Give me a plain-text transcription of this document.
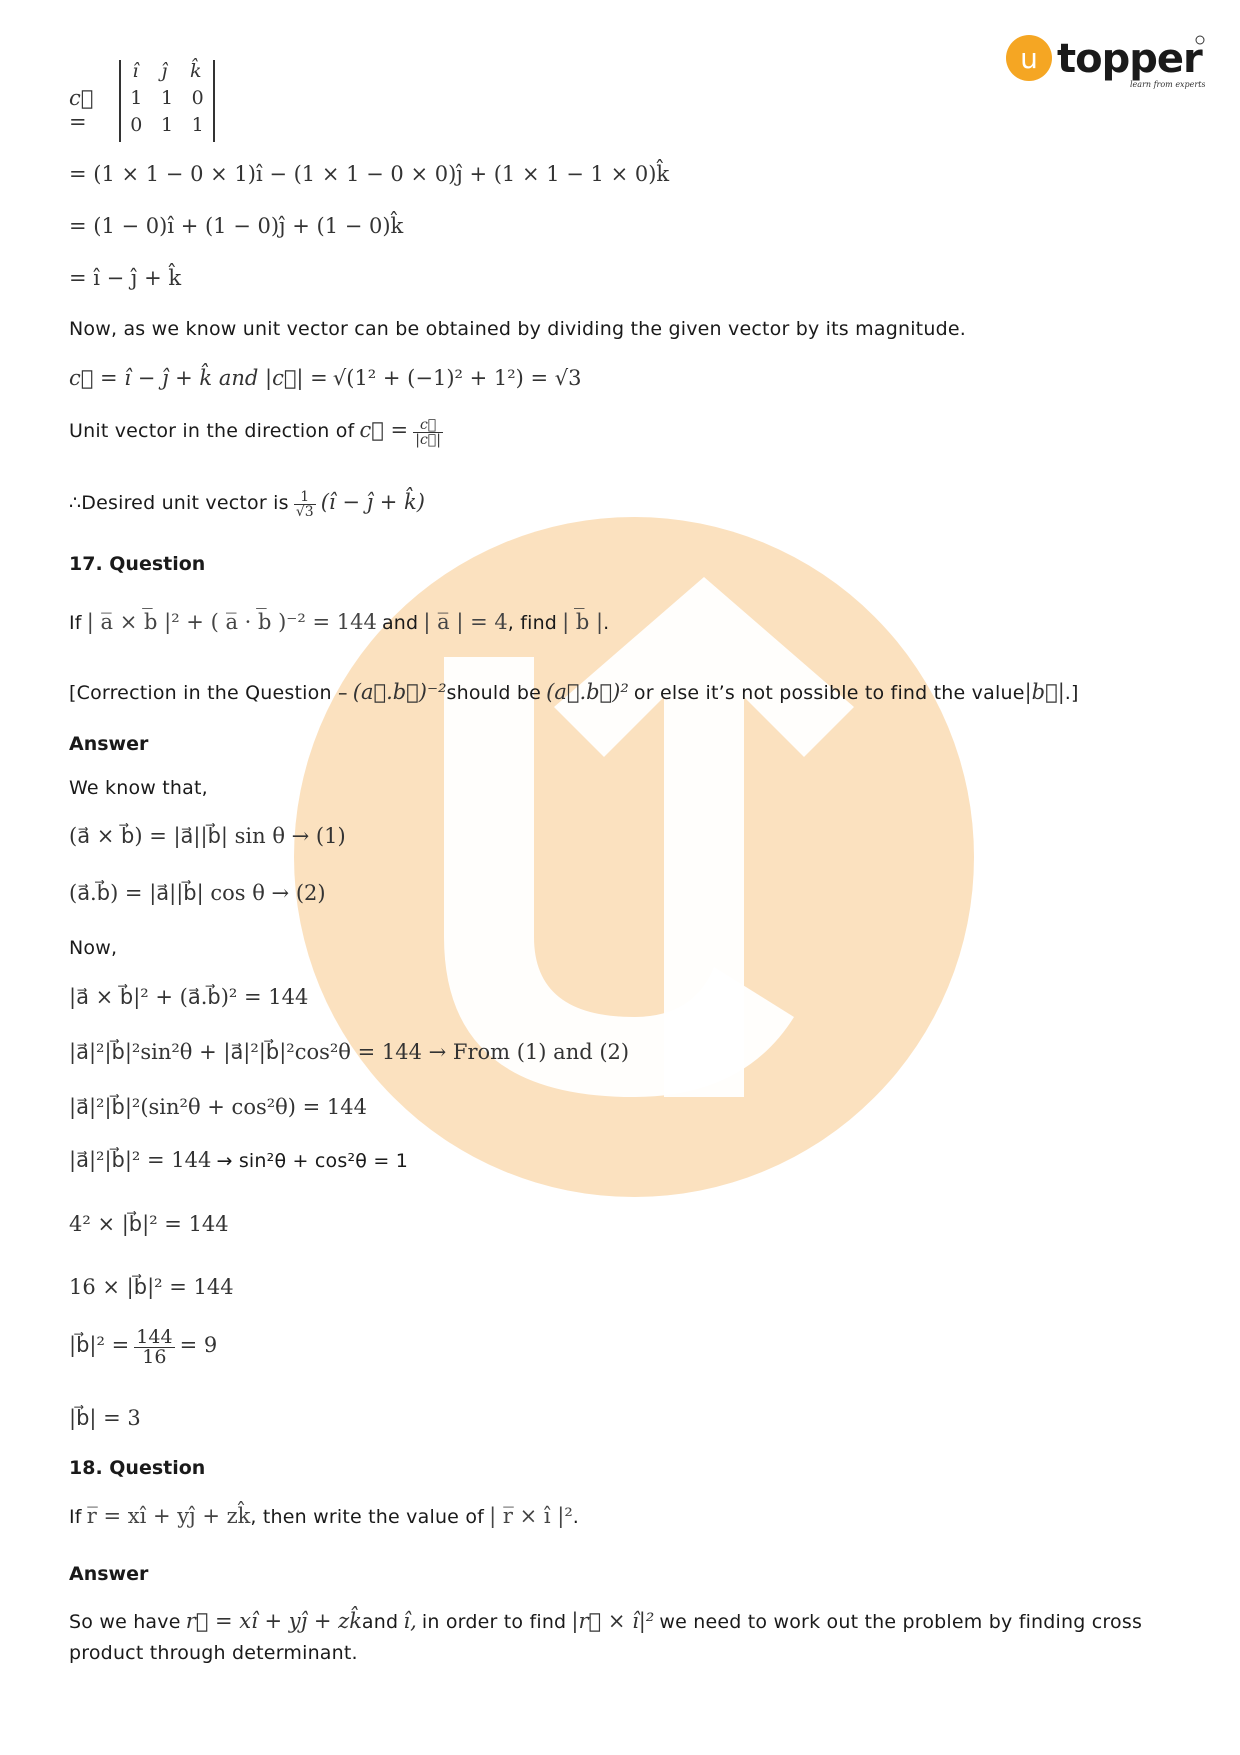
u topper
learn from experts
c⃗ =
î ĵ k̂
1 1 0
0 1 1
= (1 × 1 − 0 × 1)î − (1 × 1 − 0 × 0)ĵ + (1 × 1 − 1 × 0)k̂
= (1 − 0)î + (1 − 0)ĵ + (1 − 0)k̂
= î − ĵ + k̂
Now, as we know unit vector can be obtained by dividing the given vector by its magnitude.
c⃗ = î − ĵ + k̂ and |c⃗| = √(1² + (−1)² + 1²) = √3
Unit vector in the direction of c⃗ = $\frac{c⃗}{|c⃗|}$
∴Desired unit vector is $\frac{1}{√3}$ (î − ĵ + k̂)
17. Question
If | a̅ × b̅ |² + ( a̅ · b̅ )⁻² = 144 and | a̅ | = 4, find | b̅ |.
[Correction in the Question – (a⃗.b⃗)⁻²should be (a⃗.b⃗)² or else it’s not possible to find the value|b⃗|.]
Answer
We know that,
(a⃗ × b⃗) = |a⃗||b⃗| sin θ → (1)
(a⃗.b⃗) = |a⃗||b⃗| cos θ → (2)
Now,
|a⃗ × b⃗|² + (a⃗.b⃗)² = 144
|a⃗|²|b⃗|²sin²θ + |a⃗|²|b⃗|²cos²θ = 144 → From (1) and (2)
|a⃗|²|b⃗|²(sin²θ + cos²θ) = 144
|a⃗|²|b⃗|² = 144 → sin²θ + cos²θ = 1
4² × |b⃗|² = 144
16 × |b⃗|² = 144
|b⃗|² = $\frac{144}{16} = 9$
|b⃗| = 3
18. Question
If r̅ = xî + yĵ + zk̂, then write the value of | r̅ × î |².
Answer
So we have r⃗ = xî + yĵ + zk̂and î, in order to find |r⃗ × î|² we need to work out the problem by finding cross product through determinant.
